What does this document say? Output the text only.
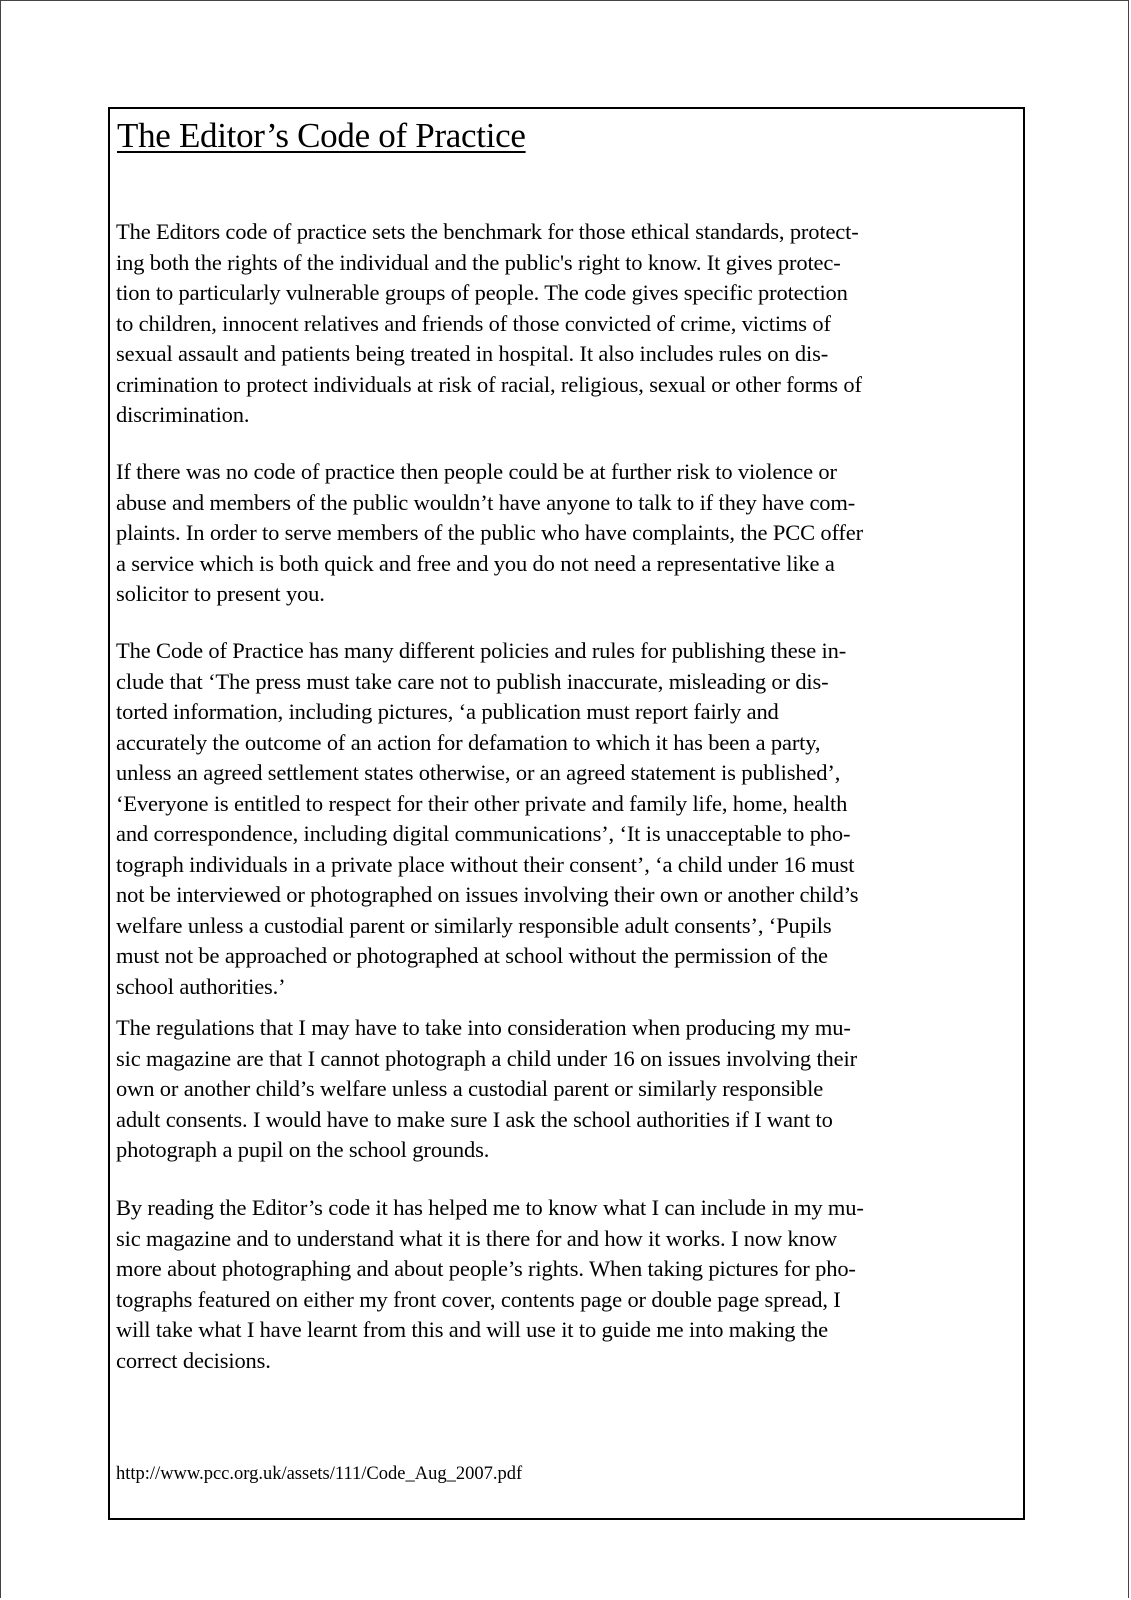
The Editor’s Code of Practice
The Editors code of practice sets the benchmark for those ethical standards, protect-
ing both the rights of the individual and the public's right to know. It gives protec-
tion to particularly vulnerable groups of people. The code gives specific protection
to children, innocent relatives and friends of those convicted of crime, victims of
sexual assault and patients being treated in hospital. It also includes rules on dis-
crimination to protect individuals at risk of racial, religious, sexual or other forms of
discrimination.
If there was no code of practice then people could be at further risk to violence or
abuse and members of the public wouldn’t have anyone to talk to if they have com-
plaints. In order to serve members of the public who have complaints, the PCC offer
a service which is both quick and free and you do not need a representative like a
solicitor to present you.
The Code of Practice has many different policies and rules for publishing these in-
clude that ‘The press must take care not to publish inaccurate, misleading or dis-
torted information, including pictures, ‘a publication must report fairly and
accurately the outcome of an action for defamation to which it has been a party,
unless an agreed settlement states otherwise, or an agreed statement is published’,
‘Everyone is entitled to respect for their other private and family life, home, health
and correspondence, including digital communications’, ‘It is unacceptable to pho-
tograph individuals in a private place without their consent’, ‘a child under 16 must
not be interviewed or photographed on issues involving their own or another child’s
welfare unless a custodial parent or similarly responsible adult consents’, ‘Pupils
must not be approached or photographed at school without the permission of the
school authorities.’
The regulations that I may have to take into consideration when producing my mu-
sic magazine are that I cannot photograph a child under 16 on issues involving their
own or another child’s welfare unless a custodial parent or similarly responsible
adult consents. I would have to make sure I ask the school authorities if I want to
photograph a pupil on the school grounds.
By reading the Editor’s code it has helped me to know what I can include in my mu-
sic magazine and to understand what it is there for and how it works. I now know
more about photographing and about people’s rights. When taking pictures for pho-
tographs featured on either my front cover, contents page or double page spread, I
will take what I have learnt from this and will use it to guide me into making the
correct decisions.
http://www.pcc.org.uk/assets/111/Code_Aug_2007.pdf
